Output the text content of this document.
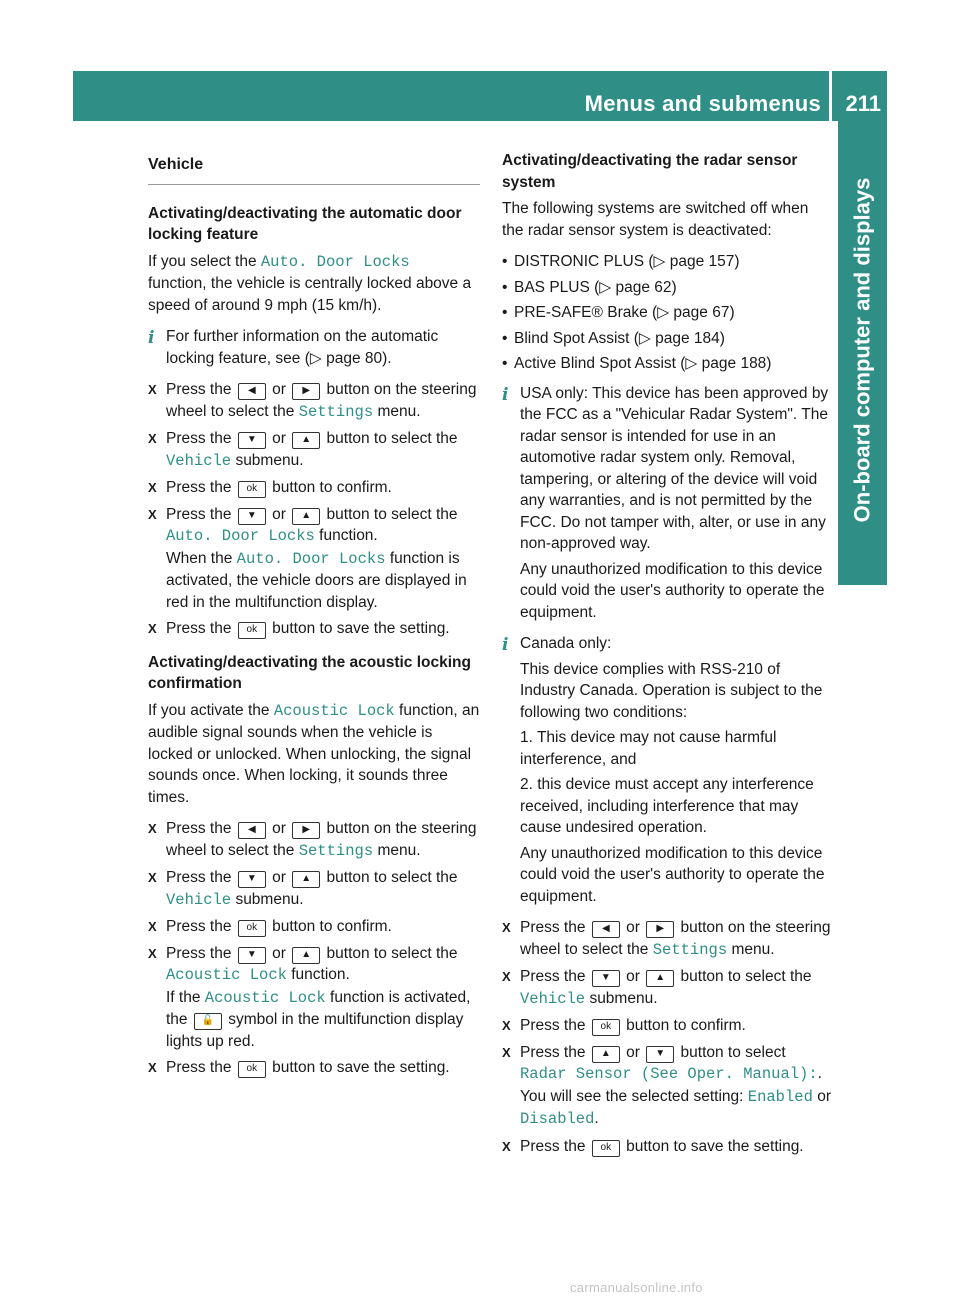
Menus and submenus 211
On-board computer and displays
Vehicle
Activating/deactivating the automatic door locking feature

If you select the Auto. Door Locks
function, the vehicle is centrally locked above a speed of around 9 mph (15 km/h).

i For further information on the automatic locking feature, see (▷ page 80).

X Press the ◀ or ▶ button on the steering wheel to select the Settings menu.
X Press the ▼ or ▲ button to select the Vehicle submenu.
X Press the ok button to confirm.
X Press the ▼ or ▲ button to select the Auto. Door Locks function.
When the Auto. Door Locks function is activated, the vehicle doors are displayed in red in the multifunction display.
X Press the ok button to save the setting.
Activating/deactivating the acoustic locking confirmation

If you activate the Acoustic Lock function, an audible signal sounds when the vehicle is locked or unlocked. When unlocking, the signal sounds once. When locking, it sounds three times.

X Press the ◀ or ▶ button on the steering wheel to select the Settings menu.
X Press the ▼ or ▲ button to select the Vehicle submenu.
X Press the ok button to confirm.
X Press the ▼ or ▲ button to select the Acoustic Lock function.
If the Acoustic Lock function is activated, the 🔓 symbol in the multifunction display lights up red.
X Press the ok button to save the setting.
Activating/deactivating the radar sensor system

The following systems are switched off when the radar sensor system is deactivated:

• DISTRONIC PLUS (▷ page 157)
• BAS PLUS (▷ page 62)
• PRE-SAFE® Brake (▷ page 67)
• Blind Spot Assist (▷ page 184)
• Active Blind Spot Assist (▷ page 188)
i USA only: This device has been approved by the FCC as a "Vehicular Radar System". The radar sensor is intended for use in an automotive radar system only. Removal, tampering, or altering of the device will void any warranties, and is not permitted by the FCC. Do not tamper with, alter, or use in any non-approved way.

Any unauthorized modification to this device could void the user's authority to operate the equipment.

i Canada only:

This device complies with RSS-210 of Industry Canada. Operation is subject to the following two conditions:

1. This device may not cause harmful interference, and

2. this device must accept any interference received, including interference that may cause undesired operation.

Any unauthorized modification to this device could void the user's authority to operate the equipment.

X Press the ◀ or ▶ button on the steering wheel to select the Settings menu.
X Press the ▼ or ▲ button to select the Vehicle submenu.
X Press the ok button to confirm.
X Press the ▲ or ▼ button to select Radar Sensor (See Oper. Manual):.
You will see the selected setting: Enabled or Disabled.
X Press the ok button to save the setting.
carmanualsonline.info
